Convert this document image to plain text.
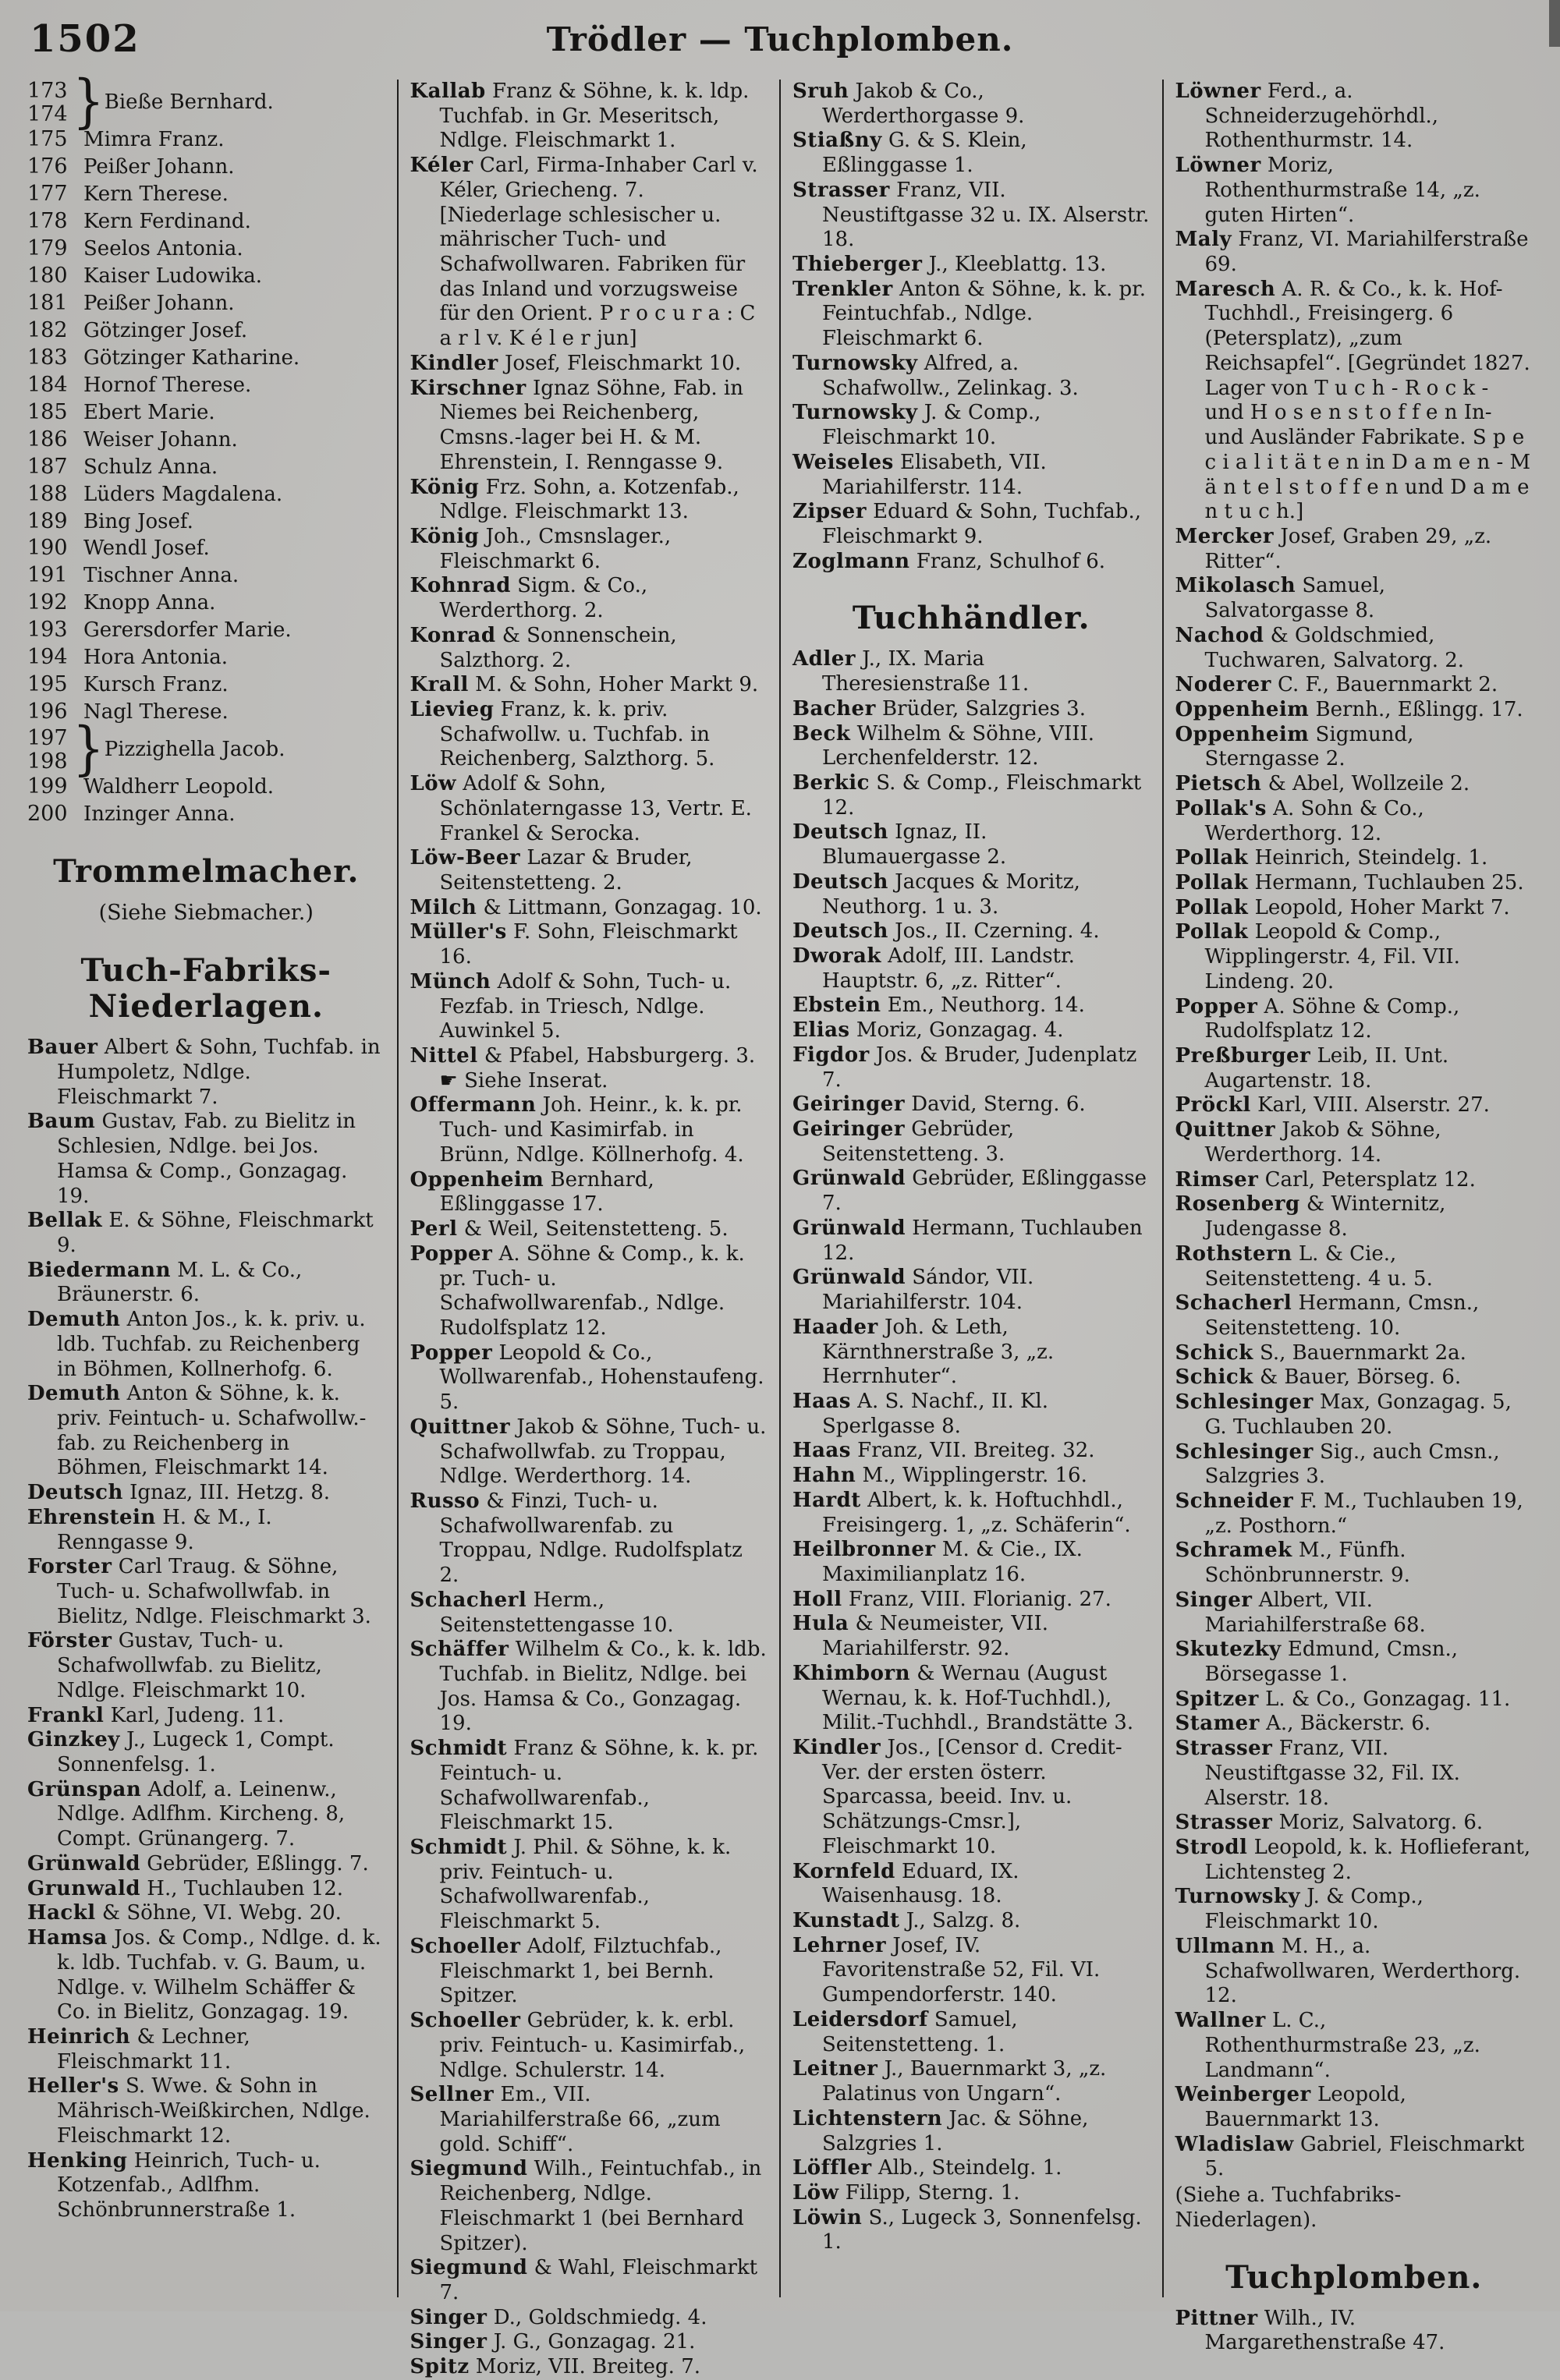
1502	Trödler — Tuchplomben.
173
174 } Bieße Bernhard.
175 Mimra Franz.
176 Peißer Johann.
177 Kern Therese.
178 Kern Ferdinand.
179 Seelos Antonia.
180 Kaiser Ludowika.
181 Peißer Johann.
182 Götzinger Josef.
183 Götzinger Katharine.
184 Hornof Therese.
185 Ebert Marie.
186 Weiser Johann.
187 Schulz Anna.
188 Lüders Magdalena.
189 Bing Josef.
190 Wendl Josef.
191 Tischner Anna.
192 Knopp Anna.
193 Gerersdorfer Marie.
194 Hora Antonia.
195 Kursch Franz.
196 Nagl Therese.
197
198 } Pizzighella Jacob.
199 Waldherr Leopold.
200 Inzinger Anna.
Trommelmacher.
(Siehe Siebmacher.)
Tuch-Fabriks-Niederlagen.
Bauer Albert & Sohn, Tuchfab. in Humpoletz, Ndlge. Fleischmarkt 7.
Baum Gustav, Fab. zu Bielitz in Schlesien, Ndlge. bei Jos. Hamsa & Comp., Gonzagag. 19.
Bellak E. & Söhne, Fleischmarkt 9.
Biedermann M. L. & Co., Bräunerstr. 6.
Demuth Anton Jos., k. k. priv. u. ldb. Tuchfab. zu Reichenberg in Böhmen, Kollnerhofg. 6.
Demuth Anton & Söhne, k. k. priv. Feintuch- u. Schafwollw.-fab. zu Reichenberg in Böhmen, Fleischmarkt 14.
Deutsch Ignaz, III. Hetzg. 8.
Ehrenstein H. & M., I. Renngasse 9.
Forster Carl Traug. & Söhne, Tuch- u. Schafwollwfab. in Bielitz, Ndlge. Fleischmarkt 3.
Förster Gustav, Tuch- u. Schafwollwfab. zu Bielitz, Ndlge. Fleischmarkt 10.
Frankl Karl, Judeng. 11.
Ginzkey J., Lugeck 1, Compt. Sonnenfelsg. 1.
Grünspan Adolf, a. Leinenw., Ndlge. Adlfhm. Kircheng. 8, Compt. Grünangerg. 7.
Grünwald Gebrüder, Eßlingg. 7.
Grunwald H., Tuchlauben 12.
Hackl & Söhne, VI. Webg. 20.
Hamsa Jos. & Comp., Ndlge. d. k. k. ldb. Tuchfab. v. G. Baum, u. Ndlge. v. Wilhelm Schäffer & Co. in Bielitz, Gonzagag. 19.
Heinrich & Lechner, Fleischmarkt 11.
Heller's S. Wwe. & Sohn in Mährisch-Weißkirchen, Ndlge. Fleischmarkt 12.
Henking Heinrich, Tuch- u. Kotzenfab., Adlfhm. Schönbrunnerstraße 1.
Kallab Franz & Söhne, k. k. ldp. Tuchfab. in Gr. Meseritsch, Ndlge. Fleischmarkt 1.
Kéler Carl, Firma-Inhaber Carl v. Kéler, Griecheng. 7. [Niederlage schlesischer u. mährischer Tuch- und Schafwollwaren. Fabriken für das Inland und vorzugsweise für den Orient. P r o c u r a : C a r l v. K é l e r jun]
Kindler Josef, Fleischmarkt 10.
Kirschner Ignaz Söhne, Fab. in Niemes bei Reichenberg, Cmsns.-lager bei H. & M. Ehrenstein, I. Renngasse 9.
König Frz. Sohn, a. Kotzenfab., Ndlge. Fleischmarkt 13.
König Joh., Cmsnslager., Fleischmarkt 6.
Kohnrad Sigm. & Co., Werderthorg. 2.
Konrad & Sonnenschein, Salzthorg. 2.
Krall M. & Sohn, Hoher Markt 9.
Lievieg Franz, k. k. priv. Schafwollw. u. Tuchfab. in Reichenberg, Salzthorg. 5.
Löw Adolf & Sohn, Schönlaterngasse 13, Vertr. E. Frankel & Serocka.
Löw-Beer Lazar & Bruder, Seitenstetteng. 2.
Milch & Littmann, Gonzagag. 10.
Müller's F. Sohn, Fleischmarkt 16.
Münch Adolf & Sohn, Tuch- u. Fezfab. in Triesch, Ndlge. Auwinkel 5.
Nittel & Pfabel, Habsburgerg. 3. ☛ Siehe Inserat.
Offermann Joh. Heinr., k. k. pr. Tuch- und Kasimirfab. in Brünn, Ndlge. Köllnerhofg. 4.
Oppenheim Bernhard, Eßlinggasse 17.
Perl & Weil, Seitenstetteng. 5.
Popper A. Söhne & Comp., k. k. pr. Tuch- u. Schafwollwarenfab., Ndlge. Rudolfsplatz 12.
Popper Leopold & Co., Wollwarenfab., Hohenstaufeng. 5.
Quittner Jakob & Söhne, Tuch- u. Schafwollwfab. zu Troppau, Ndlge. Werderthorg. 14.
Russo & Finzi, Tuch- u. Schafwollwarenfab. zu Troppau, Ndlge. Rudolfsplatz 2.
Schacherl Herm., Seitenstettengasse 10.
Schäffer Wilhelm & Co., k. k. ldb. Tuchfab. in Bielitz, Ndlge. bei Jos. Hamsa & Co., Gonzagag. 19.
Schmidt Franz & Söhne, k. k. pr. Feintuch- u. Schafwollwarenfab., Fleischmarkt 15.
Schmidt J. Phil. & Söhne, k. k. priv. Feintuch- u. Schafwollwarenfab., Fleischmarkt 5.
Schoeller Adolf, Filztuchfab., Fleischmarkt 1, bei Bernh. Spitzer.
Schoeller Gebrüder, k. k. erbl. priv. Feintuch- u. Kasimirfab., Ndlge. Schulerstr. 14.
Sellner Em., VII. Mariahilferstraße 66, „zum gold. Schiff“.
Siegmund Wilh., Feintuchfab., in Reichenberg, Ndlge. Fleischmarkt 1 (bei Bernhard Spitzer).
Siegmund & Wahl, Fleischmarkt 7.
Singer D., Goldschmiedg. 4.
Singer J. G., Gonzagag. 21.
Spitz Moriz, VII. Breiteg. 7.
Sruh Jakob & Co., Werderthorgasse 9.
Stiaßny G. & S. Klein, Eßlinggasse 1.
Strasser Franz, VII. Neustiftgasse 32 u. IX. Alserstr. 18.
Thieberger J., Kleeblattg. 13.
Trenkler Anton & Söhne, k. k. pr. Feintuchfab., Ndlge. Fleischmarkt 6.
Turnowsky Alfred, a. Schafwollw., Zelinkag. 3.
Turnowsky J. & Comp., Fleischmarkt 10.
Weiseles Elisabeth, VII. Mariahilferstr. 114.
Zipser Eduard & Sohn, Tuchfab., Fleischmarkt 9.
Zoglmann Franz, Schulhof 6.
Tuchhändler.
Adler J., IX. Maria Theresienstraße 11.
Bacher Brüder, Salzgries 3.
Beck Wilhelm & Söhne, VIII. Lerchenfelderstr. 12.
Berkic S. & Comp., Fleischmarkt 12.
Deutsch Ignaz, II. Blumauergasse 2.
Deutsch Jacques & Moritz, Neuthorg. 1 u. 3.
Deutsch Jos., II. Czerning. 4.
Dworak Adolf, III. Landstr. Hauptstr. 6, „z. Ritter“.
Ebstein Em., Neuthorg. 14.
Elias Moriz, Gonzagag. 4.
Figdor Jos. & Bruder, Judenplatz 7.
Geiringer David, Sterng. 6.
Geiringer Gebrüder, Seitenstetteng. 3.
Grünwald Gebrüder, Eßlinggasse 7.
Grünwald Hermann, Tuchlauben 12.
Grünwald Sándor, VII. Mariahilferstr. 104.
Haader Joh. & Leth, Kärnthnerstraße 3, „z. Herrnhuter“.
Haas A. S. Nachf., II. Kl. Sperlgasse 8.
Haas Franz, VII. Breiteg. 32.
Hahn M., Wipplingerstr. 16.
Hardt Albert, k. k. Hoftuchhdl., Freisingerg. 1, „z. Schäferin“.
Heilbronner M. & Cie., IX. Maximilianplatz 16.
Holl Franz, VIII. Florianig. 27.
Hula & Neumeister, VII. Mariahilferstr. 92.
Khimborn & Wernau (August Wernau, k. k. Hof-Tuchhdl.), Milit.-Tuchhdl., Brandstätte 3.
Kindler Jos., [Censor d. Credit-Ver. der ersten österr. Sparcassa, beeid. Inv. u. Schätzungs-Cmsr.], Fleischmarkt 10.
Kornfeld Eduard, IX. Waisenhausg. 18.
Kunstadt J., Salzg. 8.
Lehrner Josef, IV. Favoritenstraße 52, Fil. VI. Gumpendorferstr. 140.
Leidersdorf Samuel, Seitenstetteng. 1.
Leitner J., Bauernmarkt 3, „z. Palatinus von Ungarn“.
Lichtenstern Jac. & Söhne, Salzgries 1.
Löffler Alb., Steindelg. 1.
Löw Filipp, Sterng. 1.
Löwin S., Lugeck 3, Sonnenfelsg. 1.
Löwner Ferd., a. Schneiderzugehörhdl., Rothenthurmstr. 14.
Löwner Moriz, Rothenthurmstraße 14, „z. guten Hirten“.
Maly Franz, VI. Mariahilferstraße 69.
Maresch A. R. & Co., k. k. Hof-Tuchhdl., Freisingerg. 6 (Petersplatz), „zum Reichsapfel“. [Gegründet 1827. Lager von T u c h - R o c k - und H o s e n s t o f f e n In- und Ausländer Fabrikate. S p e c i a l i t ä t e n in D a m e n - M ä n t e l s t o f f e n und D a m e n t u c h.]
Mercker Josef, Graben 29, „z. Ritter“.
Mikolasch Samuel, Salvatorgasse 8.
Nachod & Goldschmied, Tuchwaren, Salvatorg. 2.
Noderer C. F., Bauernmarkt 2.
Oppenheim Bernh., Eßlingg. 17.
Oppenheim Sigmund, Sterngasse 2.
Pietsch & Abel, Wollzeile 2.
Pollak's A. Sohn & Co., Werderthorg. 12.
Pollak Heinrich, Steindelg. 1.
Pollak Hermann, Tuchlauben 25.
Pollak Leopold, Hoher Markt 7.
Pollak Leopold & Comp., Wipplingerstr. 4, Fil. VII. Lindeng. 20.
Popper A. Söhne & Comp., Rudolfsplatz 12.
Preßburger Leib, II. Unt. Augartenstr. 18.
Pröckl Karl, VIII. Alserstr. 27.
Quittner Jakob & Söhne, Werderthorg. 14.
Rimser Carl, Petersplatz 12.
Rosenberg & Winternitz, Judengasse 8.
Rothstern L. & Cie., Seitenstetteng. 4 u. 5.
Schacherl Hermann, Cmsn., Seitenstetteng. 10.
Schick S., Bauernmarkt 2a.
Schick & Bauer, Börseg. 6.
Schlesinger Max, Gonzagag. 5, G. Tuchlauben 20.
Schlesinger Sig., auch Cmsn., Salzgries 3.
Schneider F. M., Tuchlauben 19, „z. Posthorn.“
Schramek M., Fünfh. Schönbrunnerstr. 9.
Singer Albert, VII. Mariahilferstraße 68.
Skutezky Edmund, Cmsn., Börsegasse 1.
Spitzer L. & Co., Gonzagag. 11.
Stamer A., Bäckerstr. 6.
Strasser Franz, VII. Neustiftgasse 32, Fil. IX. Alserstr. 18.
Strasser Moriz, Salvatorg. 6.
Strodl Leopold, k. k. Hoflieferant, Lichtensteg 2.
Turnowsky J. & Comp., Fleischmarkt 10.
Ullmann M. H., a. Schafwollwaren, Werderthorg. 12.
Wallner L. C., Rothenthurmstraße 23, „z. Landmann“.
Weinberger Leopold, Bauernmarkt 13.
Wladislaw Gabriel, Fleischmarkt 5.
(Siehe a. Tuchfabriks-Niederlagen).
Tuchplomben.
Pittner Wilh., IV. Margarethenstraße 47.
